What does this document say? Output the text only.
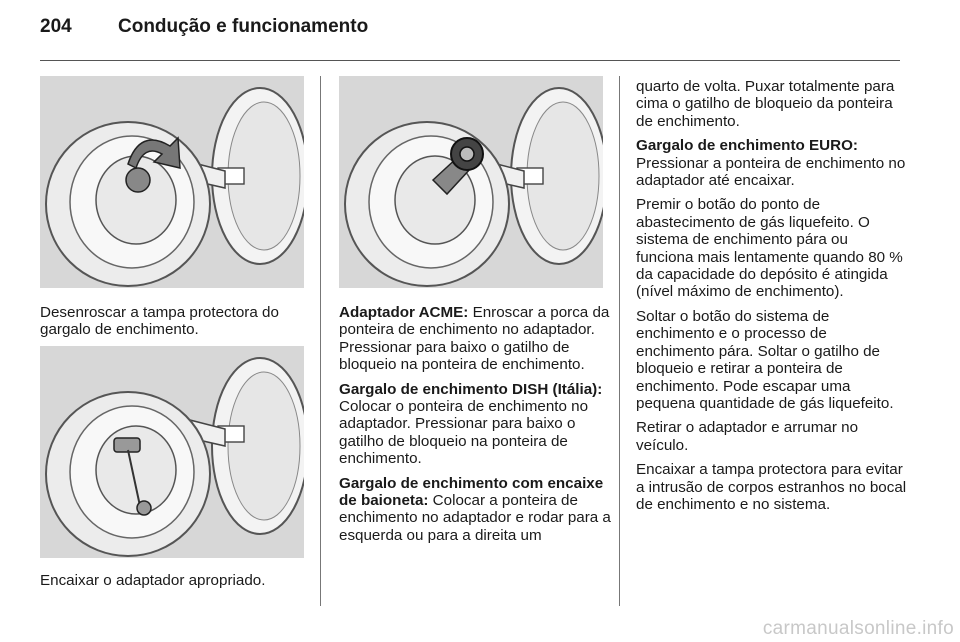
204 Condução e funcionamento
Desenroscar a tampa protectora do gargalo de enchimento.
Encaixar o adaptador apropriado.

Adaptador ACME: Enroscar a porca da ponteira de enchimento no adaptador. Pressionar para baixo o gatilho de bloqueio na ponteira de enchimento.

Gargalo de enchimento DISH (Itália): Colocar o ponteira de enchimento no adaptador. Pressionar para baixo o gatilho de bloqueio na ponteira de enchimento.

Gargalo de enchimento com encaixe de baioneta: Colocar a ponteira de enchimento no adaptador e rodar para a esquerda ou para a direita um

quarto de volta. Puxar totalmente para cima o gatilho de bloqueio da ponteira de enchimento.

Gargalo de enchimento EURO:
Pressionar a ponteira de enchimento no adaptador até encaixar.

Premir o botão do ponto de abastecimento de gás liquefeito. O sistema de enchimento pára ou funciona mais lentamente quando 80 % da capacidade do depósito é atingida (nível máximo de enchimento).

Soltar o botão do sistema de enchimento e o processo de enchimento pára. Soltar o gatilho de bloqueio e retirar a ponteira de enchimento. Pode escapar uma pequena quantidade de gás liquefeito.

Retirar o adaptador e arrumar no veículo.

Encaixar a tampa protectora para evitar a intrusão de corpos estranhos no bocal de enchimento e no sistema.

carmanualsonline.info
